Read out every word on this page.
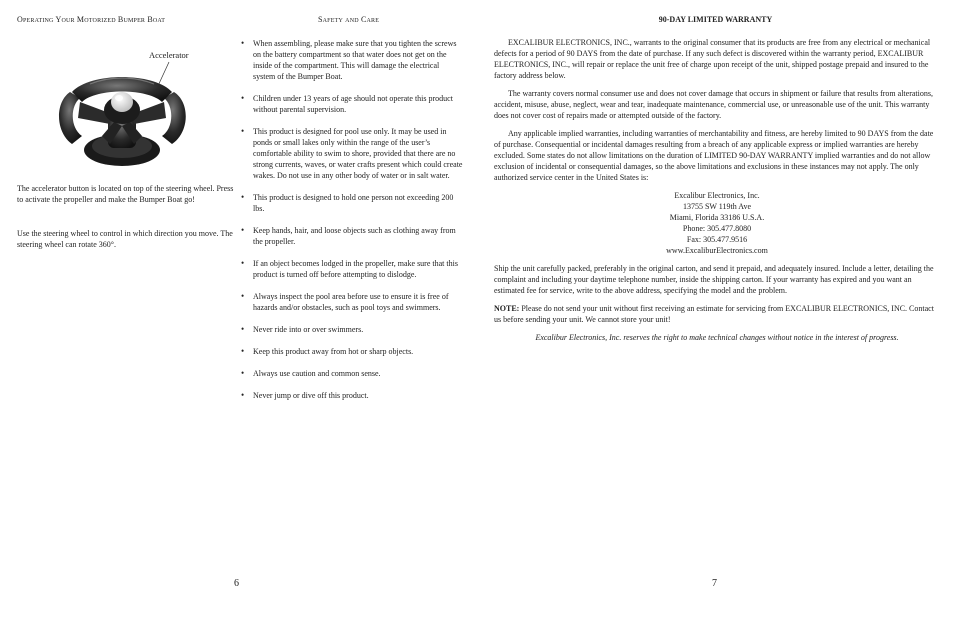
Operating Your Motorized Bumper Boat	Safety and Care
Accelerator

The accelerator button is located on top of the steering wheel. Press to activate the propeller and make the Bumper Boat go!

Use the steering wheel to control in which direction you move. The steering wheel can rotate 360°.

• When assembling, please make sure that you tighten the screws on the battery compartment so that water does not get on the inside of the compartment. This will damage the electrical system of the Bumper Boat.
• Children under 13 years of age should not operate this product without parental supervision.
• This product is designed for pool use only. It may be used in ponds or small lakes only within the range of the user’s comfortable ability to swim to shore, provided that there are no strong currents, waves, or water crafts present which could create wakes. Do not use in any other body of water or in salt water.
• This product is designed to hold one person not exceeding 200 lbs.
• Keep hands, hair, and loose objects such as clothing away from the propeller.
• If an object becomes lodged in the propeller, make sure that this product is turned off before attempting to dislodge.
• Always inspect the pool area before use to ensure it is free of hazards and/or obstacles, such as pool toys and swimmers.
• Never ride into or over swimmers.
• Keep this product away from hot or sharp objects.
• Always use caution and common sense.
• Never jump or dive off this product.
6
90-DAY LIMITED WARRANTY

EXCALIBUR ELECTRONICS, INC., warrants to the original consumer that its products are free from any electrical or mechanical defects for a period of 90 DAYS from the date of purchase. If any such defect is discovered within the warranty period, EXCALIBUR ELECTRONICS, INC., will repair or replace the unit free of charge upon receipt of the unit, shipped postage prepaid and insured to the factory address below.

The warranty covers normal consumer use and does not cover damage that occurs in shipment or failure that results from alterations, accident, misuse, abuse, neglect, wear and tear, inadequate maintenance, commercial use, or unreasonable use of the unit. This warranty does not cover cost of repairs made or attempted outside of the factory.

Any applicable implied warranties, including warranties of merchantability and fitness, are hereby limited to 90 DAYS from the date of purchase. Consequential or incidental damages resulting from a breach of any applicable express or implied warranties are hereby excluded. Some states do not allow limitations on the duration of LIMITED 90-DAY WARRANTY implied warranties and do not allow exclusion of incidental or consequential damages, so the above limitations and exclusions in these instances may not apply. The only authorized service center in the United States is:

Excalibur Electronics, Inc.
13755 SW 119th Ave
Miami, Florida 33186 U.S.A.
Phone: 305.477.8080
Fax: 305.477.9516
www.ExcaliburElectronics.com

Ship the unit carefully packed, preferably in the original carton, and send it prepaid, and adequately insured. Include a letter, detailing the complaint and including your daytime telephone number, inside the shipping carton. If your warranty has expired and you want an estimated fee for service, write to the above address, specifying the model and the problem.

NOTE: Please do not send your unit without first receiving an estimate for servicing from EXCALIBUR ELECTRONICS, INC. Contact us before sending your unit. We cannot store your unit!

Excalibur Electronics, Inc. reserves the right to make technical changes without notice in the interest of progress.

7
